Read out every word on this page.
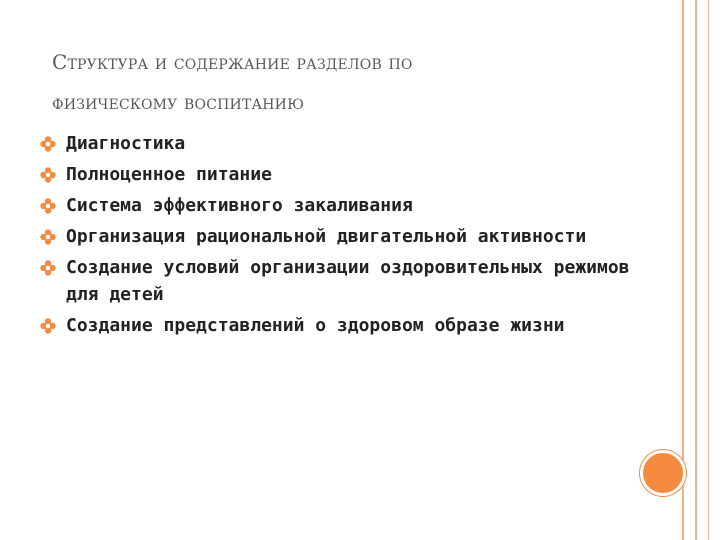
Структура и содержание разделов по
физическому воспитанию
Диагностика
Полноценное питание
Система эффективного закаливания
Организация рациональной двигательной активности
Создание условий организации оздоровительных режимов для детей
Создание представлений о здоровом образе жизни
